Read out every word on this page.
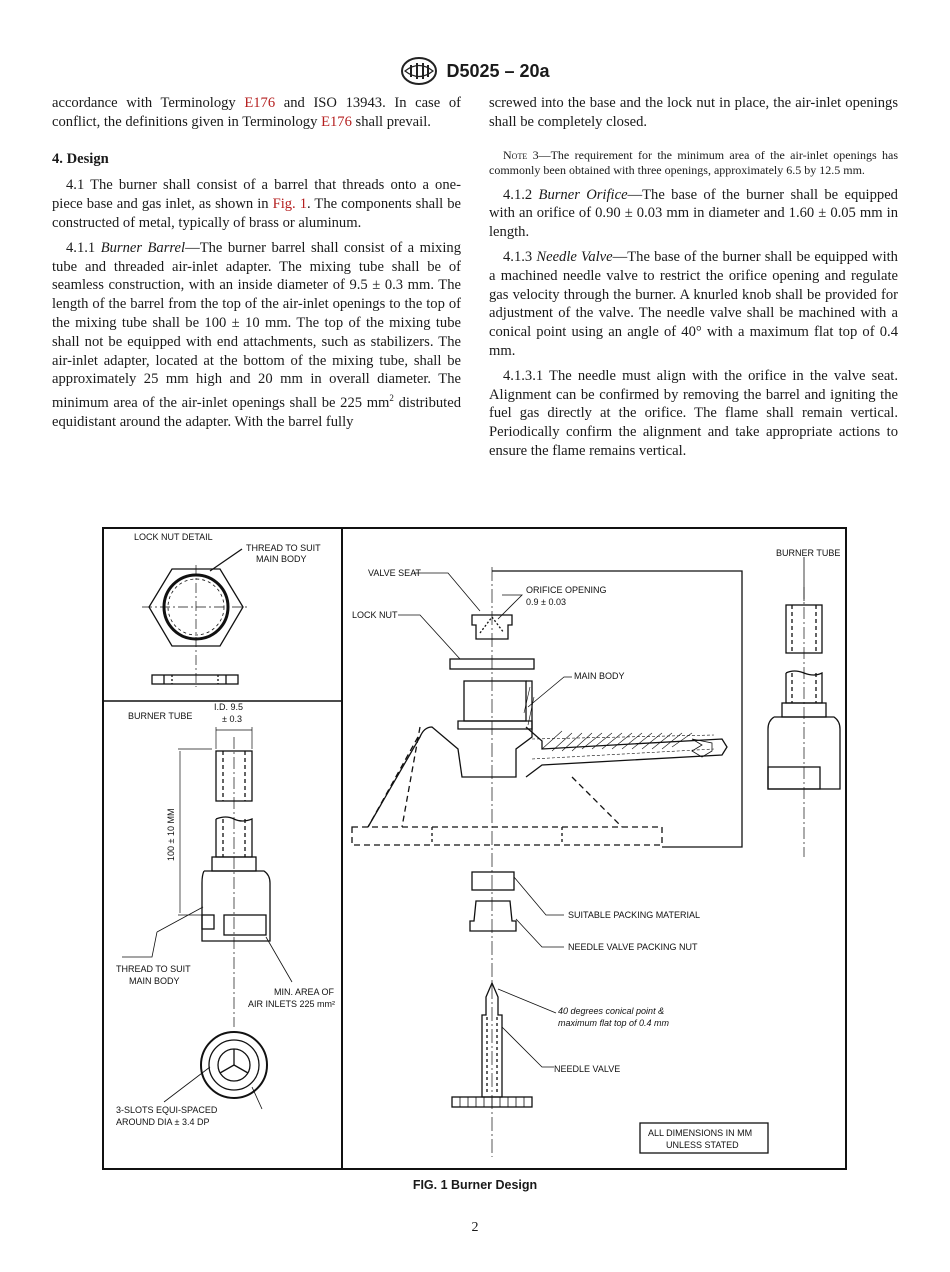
D5025 – 20a

accordance with Terminology E176 and ISO 13943. In case of conflict, the definitions given in Terminology E176 shall prevail.

4. Design

4.1 The burner shall consist of a barrel that threads onto a one-piece base and gas inlet, as shown in Fig. 1. The components shall be constructed of metal, typically of brass or aluminum.

4.1.1 Burner Barrel—The burner barrel shall consist of a mixing tube and threaded air-inlet adapter. The mixing tube shall be of seamless construction, with an inside diameter of 9.5 ± 0.3 mm. The length of the barrel from the top of the air-inlet openings to the top of the mixing tube shall be 100 ± 10 mm. The top of the mixing tube shall not be equipped with end attachments, such as stabilizers. The air-inlet adapter, located at the bottom of the mixing tube, shall be approximately 25 mm high and 20 mm in overall diameter. The minimum area of the air-inlet openings shall be 225 $mm^2$ distributed equidistant around the adapter. With the barrel fully

screwed into the base and the lock nut in place, the air-inlet openings shall be completely closed.

Note 3—The requirement for the minimum area of the air-inlet openings has commonly been obtained with three openings, approximately 6.5 by 12.5 mm.

4.1.2 Burner Orifice—The base of the burner shall be equipped with an orifice of 0.90 ± 0.03 mm in diameter and 1.60 ± 0.05 mm in length.

4.1.3 Needle Valve—The base of the burner shall be equipped with a machined needle valve to restrict the orifice opening and regulate gas velocity through the burner. A knurled knob shall be provided for adjustment of the valve. The needle valve shall be machined with a conical point using an angle of 40° with a maximum flat top of 0.4 mm.

4.1.3.1 The needle must align with the orifice in the valve seat. Alignment can be confirmed by removing the barrel and igniting the fuel gas directly at the orifice. The flame shall remain vertical. Periodically confirm the alignment and take appropriate actions to ensure the flame remains vertical.

LOCK NUT DETAIL
THREAD TO SUIT
MAIN BODY
BURNER TUBE
I.D. 9.5
± 0.3
100 ± 10 MM
THREAD TO SUIT
MAIN BODY
MIN. AREA OF
AIR INLETS 225 mm²
3-SLOTS EQUI-SPACED
AROUND DIA ± 3.4 DP
VALVE SEAT
ORIFICE OPENING
0.9 ± 0.03
LOCK NUT
MAIN BODY
BURNER TUBE
SUITABLE PACKING MATERIAL
NEEDLE VALVE PACKING NUT
40 degrees conical point &
maximum flat top of 0.4 mm
NEEDLE VALVE
ALL DIMENSIONS IN MM
UNLESS STATED
FIG. 1 Burner Design
2
